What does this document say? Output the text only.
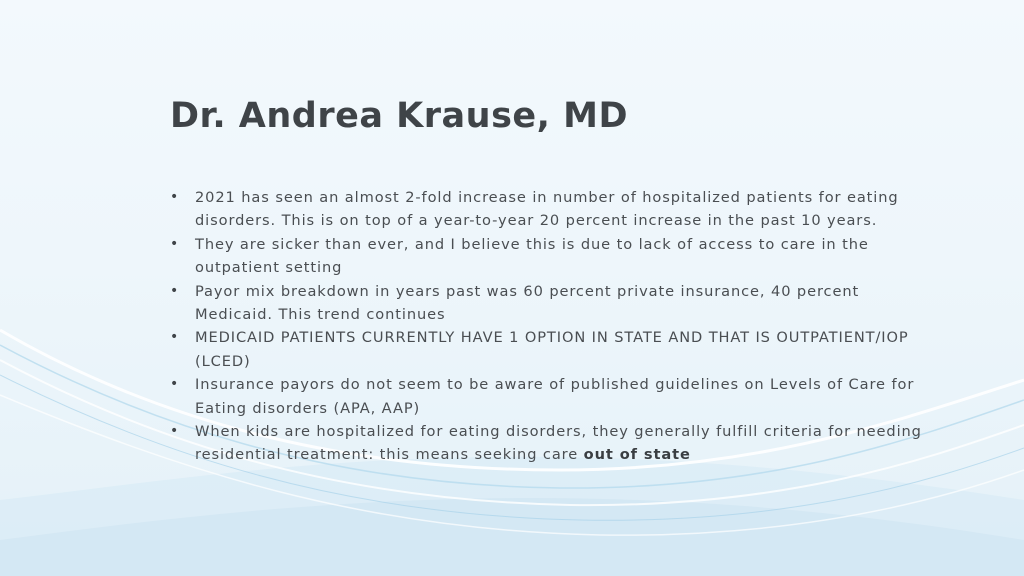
Dr. Andrea Krause, MD
• 2021 has seen an almost 2-fold increase in number of hospitalized patients for eating disorders. This is on top of a year-to-year 20 percent increase in the past 10 years.
• They are sicker than ever, and I believe this is due to lack of access to care in the  outpatient setting
• Payor mix breakdown in years past was 60 percent private insurance, 40 percent Medicaid. This trend continues
• MEDICAID PATIENTS CURRENTLY HAVE 1 OPTION IN STATE AND THAT IS OUTPATIENT/IOP (LCED)
• Insurance payors do not seem to be aware of published guidelines on Levels of Care for Eating disorders (APA, AAP)
• When kids are hospitalized for eating disorders, they generally fulfill criteria for needing residential treatment: this means seeking care out of state
